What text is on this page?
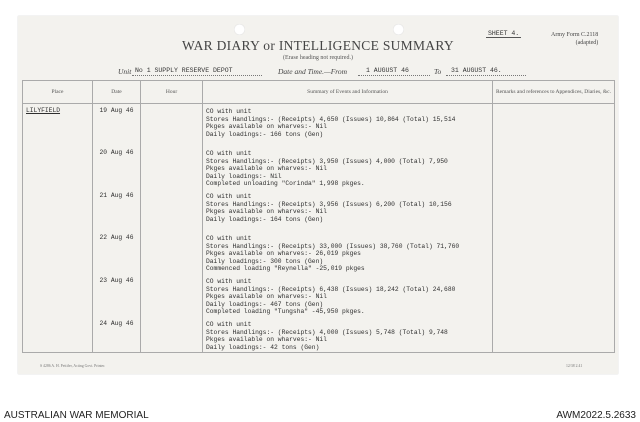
SHEET 4.	Army Form C.2118
(adapted)
WAR DIARY or INTELLIGENCE SUMMARY
(Erase heading not required.)
Unit No 1 SUPPLY RESERVE DEPOT	Date and Time.—From	1 AUGUST 46	To 31 AUGUST 46.
Place	Date	Hour	Summary of Events and Information	Remarks and references to Appendices, Diaries, &c.
LILYFIELD	19 Aug 46		CO with unit
Stores Handlings:- (Receipts) 4,650 (Issues) 10,864 (Total) 15,514
Pkges available on wharves:- Nil
Daily loadings:- 166 tons (Gen)	

	20 Aug 46		CO with unit
Stores Handlings:- (Receipts) 3,950 (Issues) 4,000 (Total) 7,950
Pkges available on wharves:- Nil
Daily loadings:- Nil
Completed unloading "Corinda" 1,998 pkges.	

	21 Aug 46		CO with unit
Stores Handlings:- (Receipts) 3,956 (Issues) 6,200 (Total) 10,156
Pkges available on wharves:- Nil
Daily loadings:- 164 tons (Gen)	

	22 Aug 46		CO with unit
Stores Handlings:- (Receipts) 33,000 (Issues) 38,760 (Total) 71,760
Pkges available on wharves:- 26,019 pkges
Daily loadings:- 300 tons (Gen)
Commenced loading "Reynella" -25,019 pkges	

	23 Aug 46		CO with unit
Stores Handlings:- (Receipts) 6,438 (Issues) 18,242 (Total) 24,680
Pkges available on wharves:- Nil
Daily loadings:- 467 tons (Gen)
Completed loading "Tungsha" -45,950 pkges.	

	24 Aug 46		CO with unit
Stores Handlings:- (Receipts) 4,000 (Issues) 5,748 (Total) 9,748
Pkges available on wharves:- Nil
Daily loadings:- 42 tons (Gen)	

S 4286 A. H. Pettifer, Acting Govt. Printer.	12/38 2.41
AUSTRALIAN WAR MEMORIAL	AWM2022.5.2633
